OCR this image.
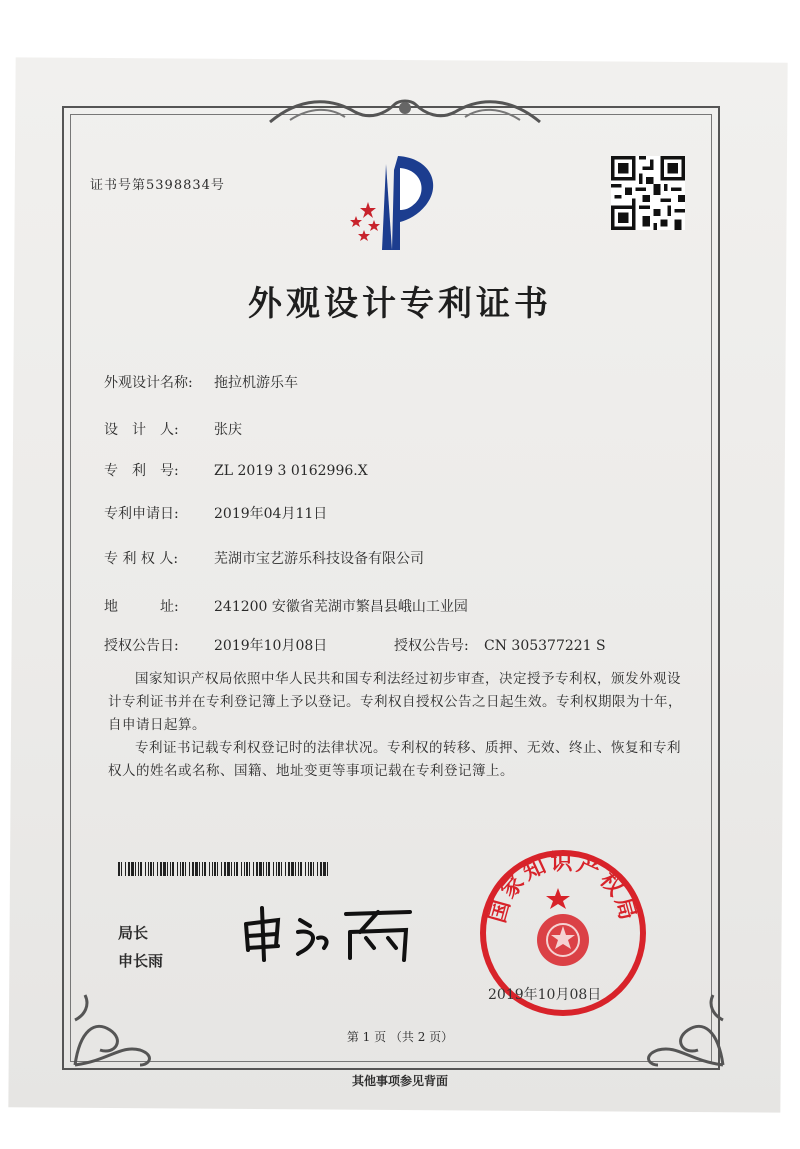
证书号第5398834号
外观设计专利证书
外观设计名称: 拖拉机游乐车
设　计　人:	张庆
专　利　号:	ZL 2019 3 0162996.X
专利申请日:	2019年04月11日
专 利 权 人:	芜湖市宝艺游乐科技设备有限公司
地　　　址:	241200 安徽省芜湖市繁昌县峨山工业园
授权公告日:	2019年10月08日	授权公告号: CN 305377221 S
国家知识产权局依照中华人民共和国专利法经过初步审查，决定授予专利权，颁发外观设计专利证书并在专利登记簿上予以登记。专利权自授权公告之日起生效。专利权期限为十年，自申请日起算。
专利证书记载专利权登记时的法律状况。专利权的转移、质押、无效、终止、恢复和专利权人的姓名或名称、国籍、地址变更等事项记载在专利登记簿上。
局长
申长雨
国家知识产权局
2019年10月08日
第 1 页 （共 2 页）
其他事项参见背面
